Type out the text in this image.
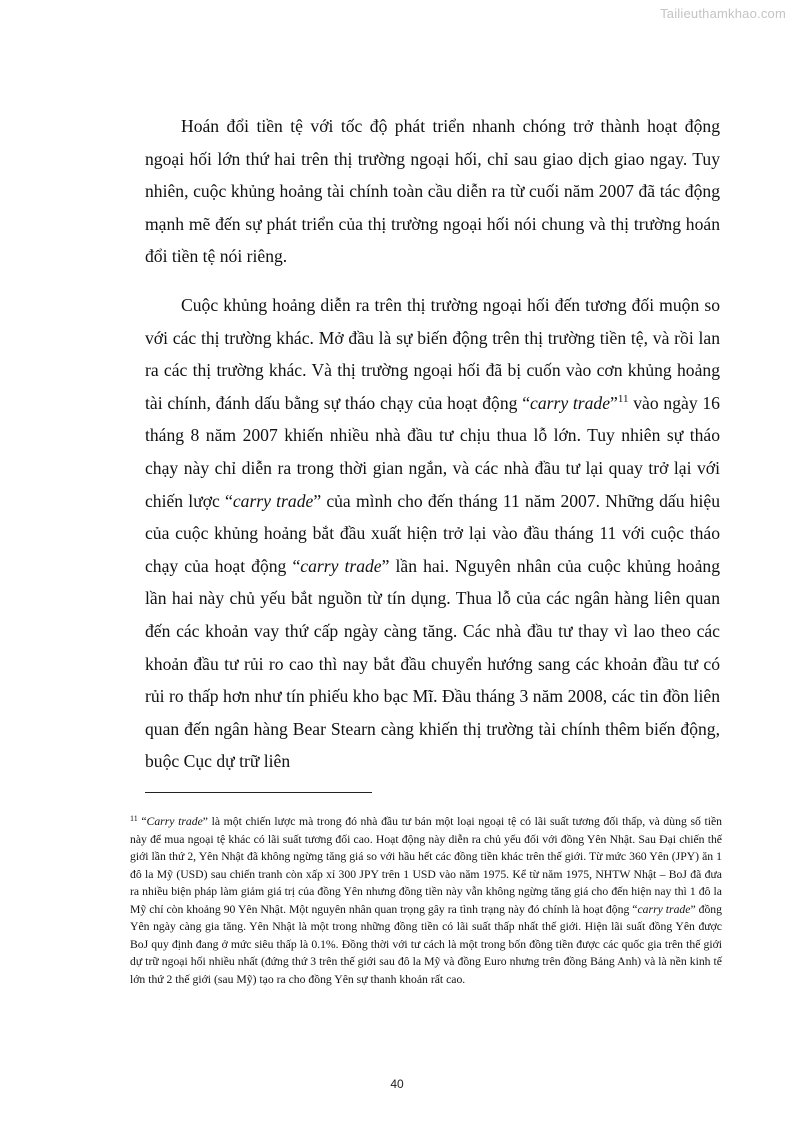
Tailieuthamkhao.com

Hoán đổi tiền tệ với tốc độ phát triển nhanh chóng trở thành hoạt động ngoại hối lớn thứ hai trên thị trường ngoại hối, chỉ sau giao dịch giao ngay. Tuy nhiên, cuộc khủng hoảng tài chính toàn cầu diễn ra từ cuối năm 2007 đã tác động mạnh mẽ đến sự phát triển của thị trường ngoại hối nói chung và thị trường hoán đổi tiền tệ nói riêng.

Cuộc khủng hoảng diễn ra trên thị trường ngoại hối đến tương đối muộn so với các thị trường khác. Mở đầu là sự biến động trên thị trường tiền tệ, và rồi lan ra các thị trường khác. Và thị trường ngoại hối đã bị cuốn vào cơn khủng hoảng tài chính, đánh dấu bằng sự tháo chạy của hoạt động “carry trade”$^{11}$ vào ngày 16 tháng 8 năm 2007 khiến nhiều nhà đầu tư chịu thua lỗ lớn. Tuy nhiên sự tháo chạy này chỉ diễn ra trong thời gian ngắn, và các nhà đầu tư lại quay trở lại với chiến lược “carry trade” của mình cho đến tháng 11 năm 2007. Những dấu hiệu của cuộc khủng hoảng bắt đầu xuất hiện trở lại vào đầu tháng 11 với cuộc tháo chạy của hoạt động “carry trade” lần hai. Nguyên nhân của cuộc khủng hoảng lần hai này chủ yếu bắt nguồn từ tín dụng. Thua lỗ của các ngân hàng liên quan đến các khoản vay thứ cấp ngày càng tăng. Các nhà đầu tư thay vì lao theo các khoản đầu tư rủi ro cao thì nay bắt đầu chuyển hướng sang các khoản đầu tư có rủi ro thấp hơn như tín phiếu kho bạc Mĩ. Đầu tháng 3 năm 2008, các tin đồn liên quan đến ngân hàng Bear Stearn càng khiến thị trường tài chính thêm biến động, buộc Cục dự trữ liên

$^{11}$ “Carry trade” là một chiến lược mà trong đó nhà đầu tư bán một loại ngoại tệ có lãi suất tương đối thấp, và dùng số tiền này để mua ngoại tệ khác có lãi suất tương đối cao. Hoạt động này diễn ra chủ yếu đối với đồng Yên Nhật. Sau Đại chiến thế giới lần thứ 2, Yên Nhật đã không ngừng tăng giá so với hầu hết các đồng tiền khác trên thế giới. Từ mức 360 Yên (JPY) ăn 1 đô la Mỹ (USD) sau chiến tranh còn xấp xỉ 300 JPY trên 1 USD vào năm 1975. Kể từ năm 1975, NHTW Nhật – BoJ đã đưa ra nhiều biện pháp làm giảm giá trị của đồng Yên nhưng đồng tiền này vẫn không ngừng tăng giá cho đến hiện nay thì 1 đô la Mỹ chỉ còn khoảng 90 Yên Nhật. Một nguyên nhân quan trọng gây ra tình trạng này đó chính là hoạt động “carry trade” đồng Yên ngày càng gia tăng. Yên Nhật là một trong những đồng tiền có lãi suất thấp nhất thế giới. Hiện lãi suất đồng Yên được BoJ quy định đang ở mức siêu thấp là 0.1%. Đồng thời với tư cách là một trong bốn đồng tiền được các quốc gia trên thế giới dự trữ ngoại hối nhiều nhất (đứng thứ 3 trên thế giới sau đô la Mỹ và đồng Euro nhưng trên đồng Bảng Anh) và là nền kinh tế lớn thứ 2 thế giới (sau Mỹ) tạo ra cho đồng Yên sự thanh khoản rất cao.
40
